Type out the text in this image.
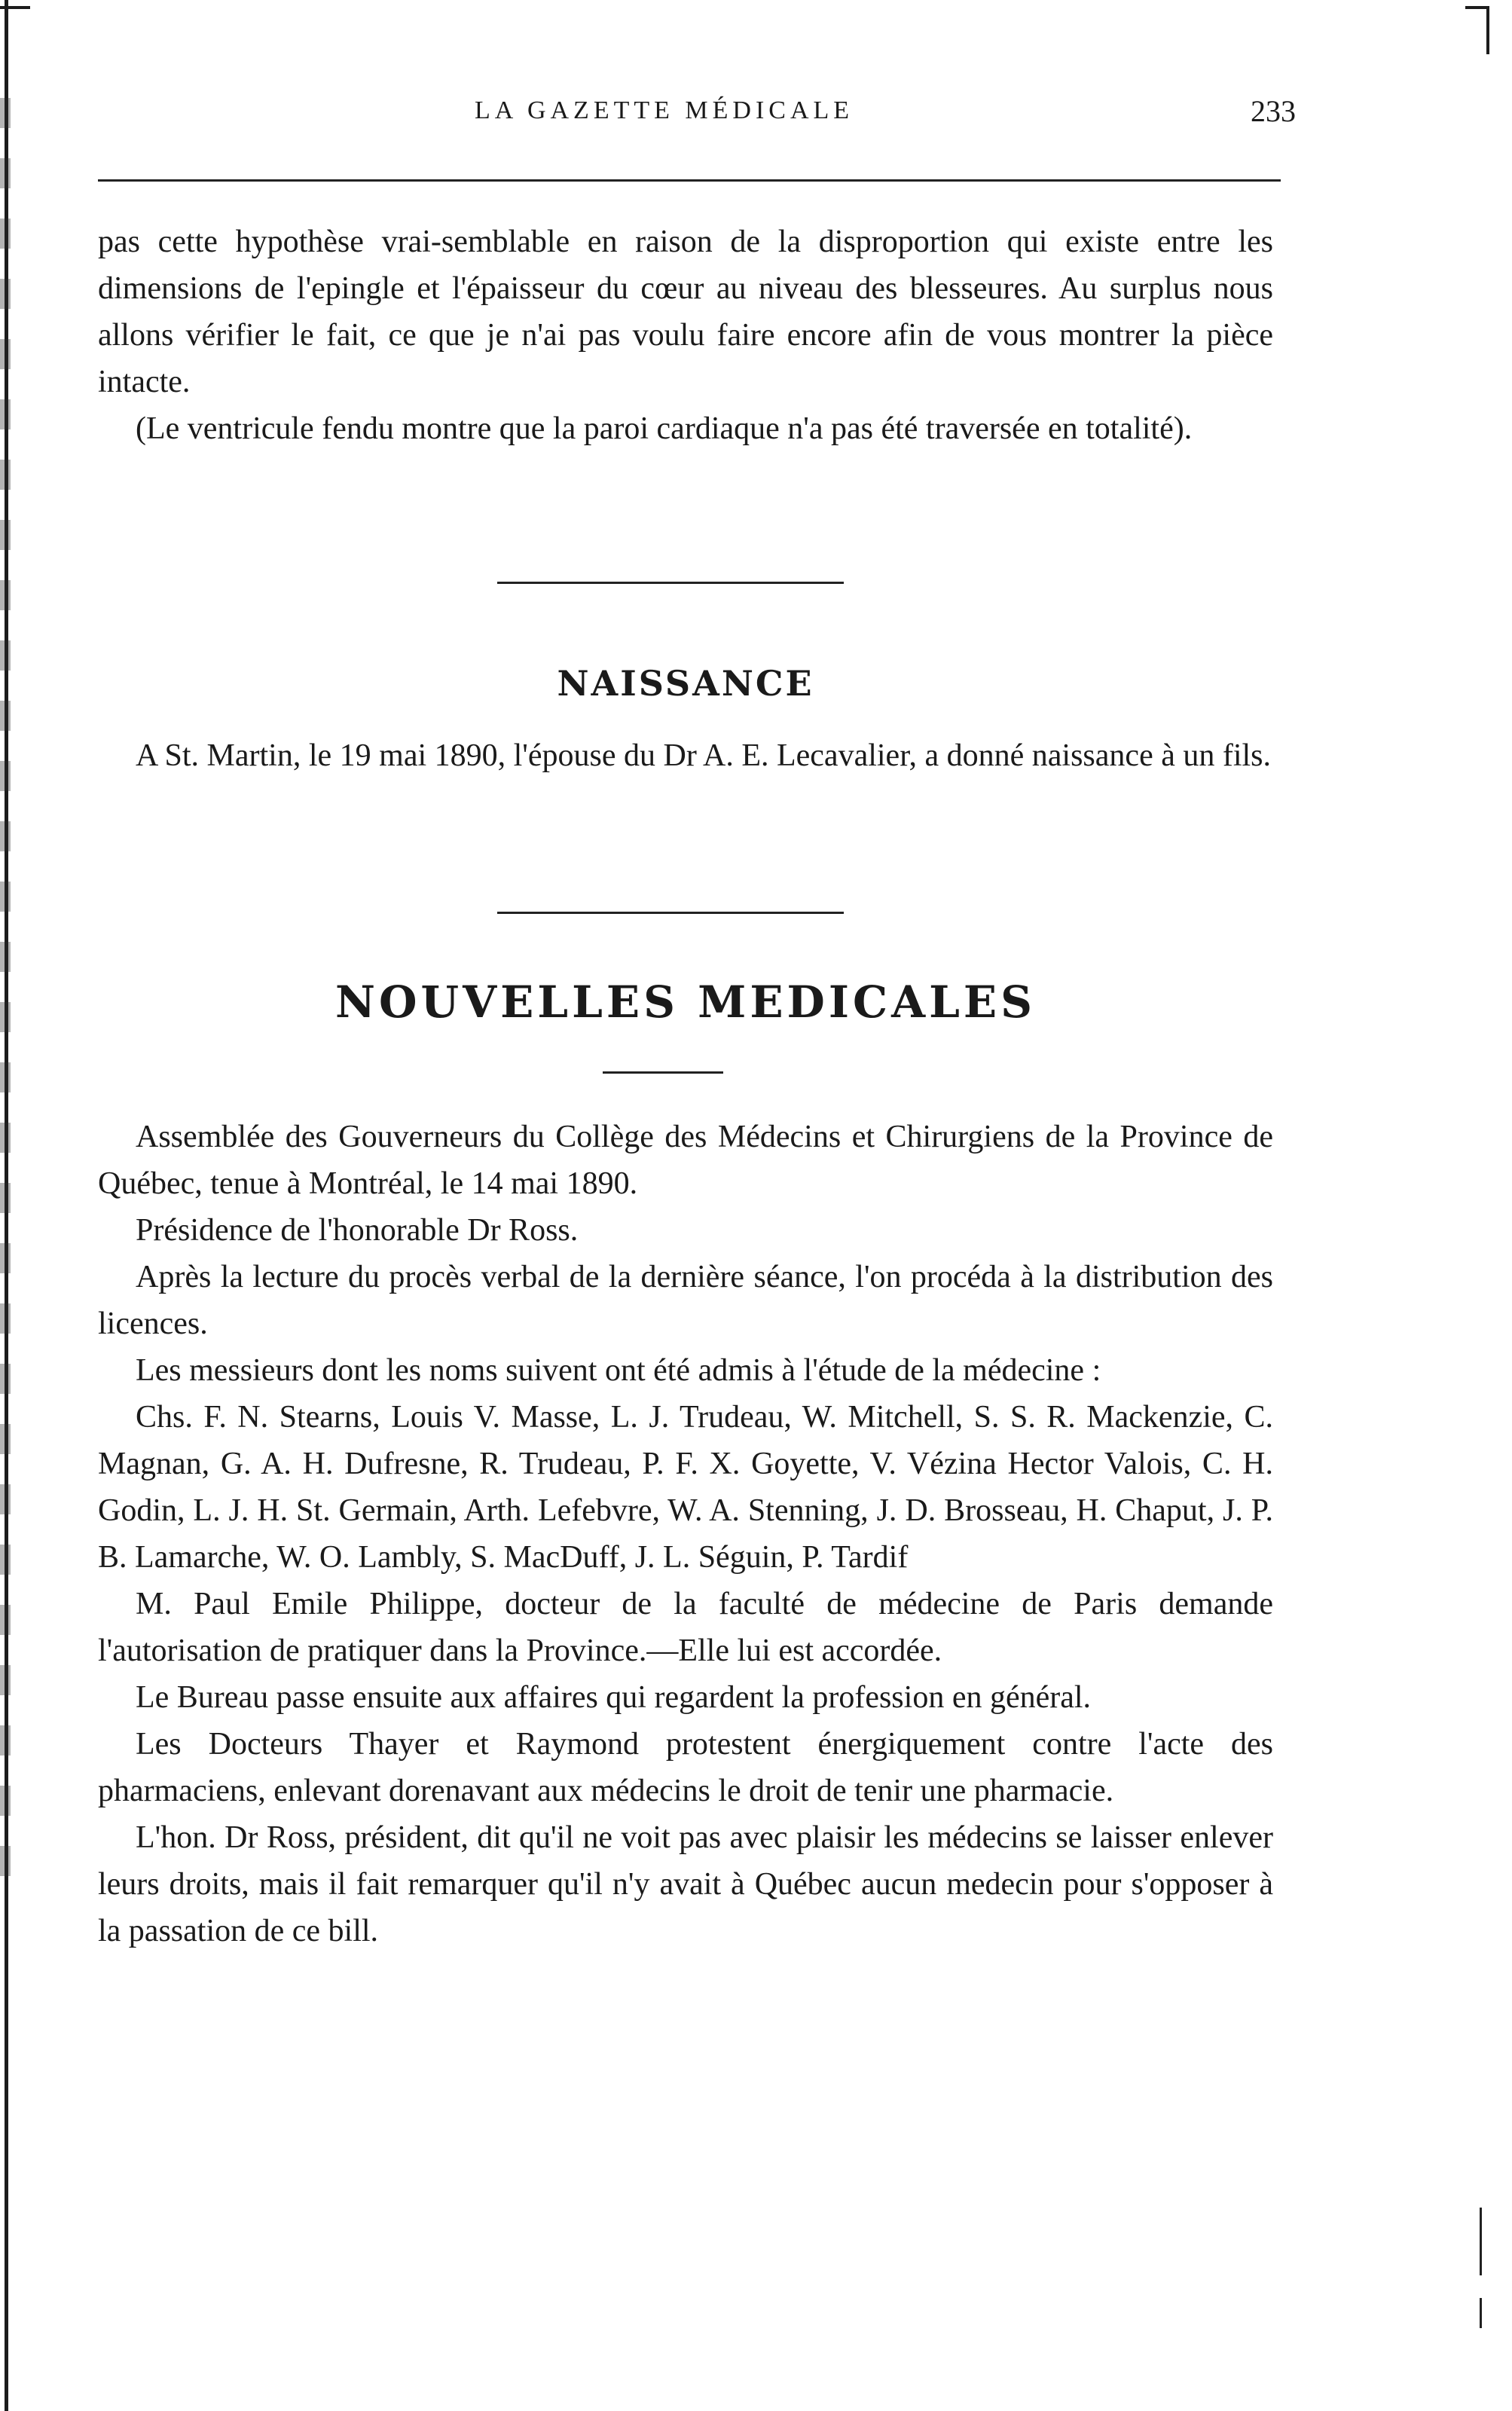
LA GAZETTE MÉDICALE	233

pas cette hypothèse vrai-semblable en raison de la disproportion qui existe entre les dimensions de l'epingle et l'épaisseur du cœur au niveau des blesseures. Au surplus nous allons vérifier le fait, ce que je n'ai pas voulu faire encore afin de vous montrer la pièce intacte.

(Le ventricule fendu montre que la paroi cardiaque n'a pas été traversée en totalité).

NAISSANCE

A St. Martin, le 19 mai 1890, l'épouse du Dr A. E. Lecavalier, a donné naissance à un fils.

NOUVELLES MEDICALES

Assemblée des Gouverneurs du Collège des Médecins et Chirurgiens de la Province de Québec, tenue à Montréal, le 14 mai 1890.

Présidence de l'honorable Dr Ross.

Après la lecture du procès verbal de la dernière séance, l'on procéda à la distribution des licences.

Les messieurs dont les noms suivent ont été admis à l'étude de la médecine :

Chs. F. N. Stearns, Louis V. Masse, L. J. Trudeau, W. Mitchell, S. S. R. Mackenzie, C. Magnan, G. A. H. Dufresne, R. Trudeau, P. F. X. Goyette, V. Vézina Hector Valois, C. H. Godin, L. J. H. St. Germain, Arth. Lefebvre, W. A. Stenning, J. D. Brosseau, H. Chaput, J. P. B. Lamarche, W. O. Lambly, S. MacDuff, J. L. Séguin, P. Tardif

M. Paul Emile Philippe, docteur de la faculté de médecine de Paris demande l'autorisation de pratiquer dans la Province.—Elle lui est accordée.

Le Bureau passe ensuite aux affaires qui regardent la profession en général.

Les Docteurs Thayer et Raymond protestent énergiquement contre l'acte des pharmaciens, enlevant dorenavant aux médecins le droit de tenir une pharmacie.

L'hon. Dr Ross, président, dit qu'il ne voit pas avec plaisir les médecins se laisser enlever leurs droits, mais il fait remarquer qu'il n'y avait à Québec aucun medecin pour s'opposer à la passation de ce bill.
